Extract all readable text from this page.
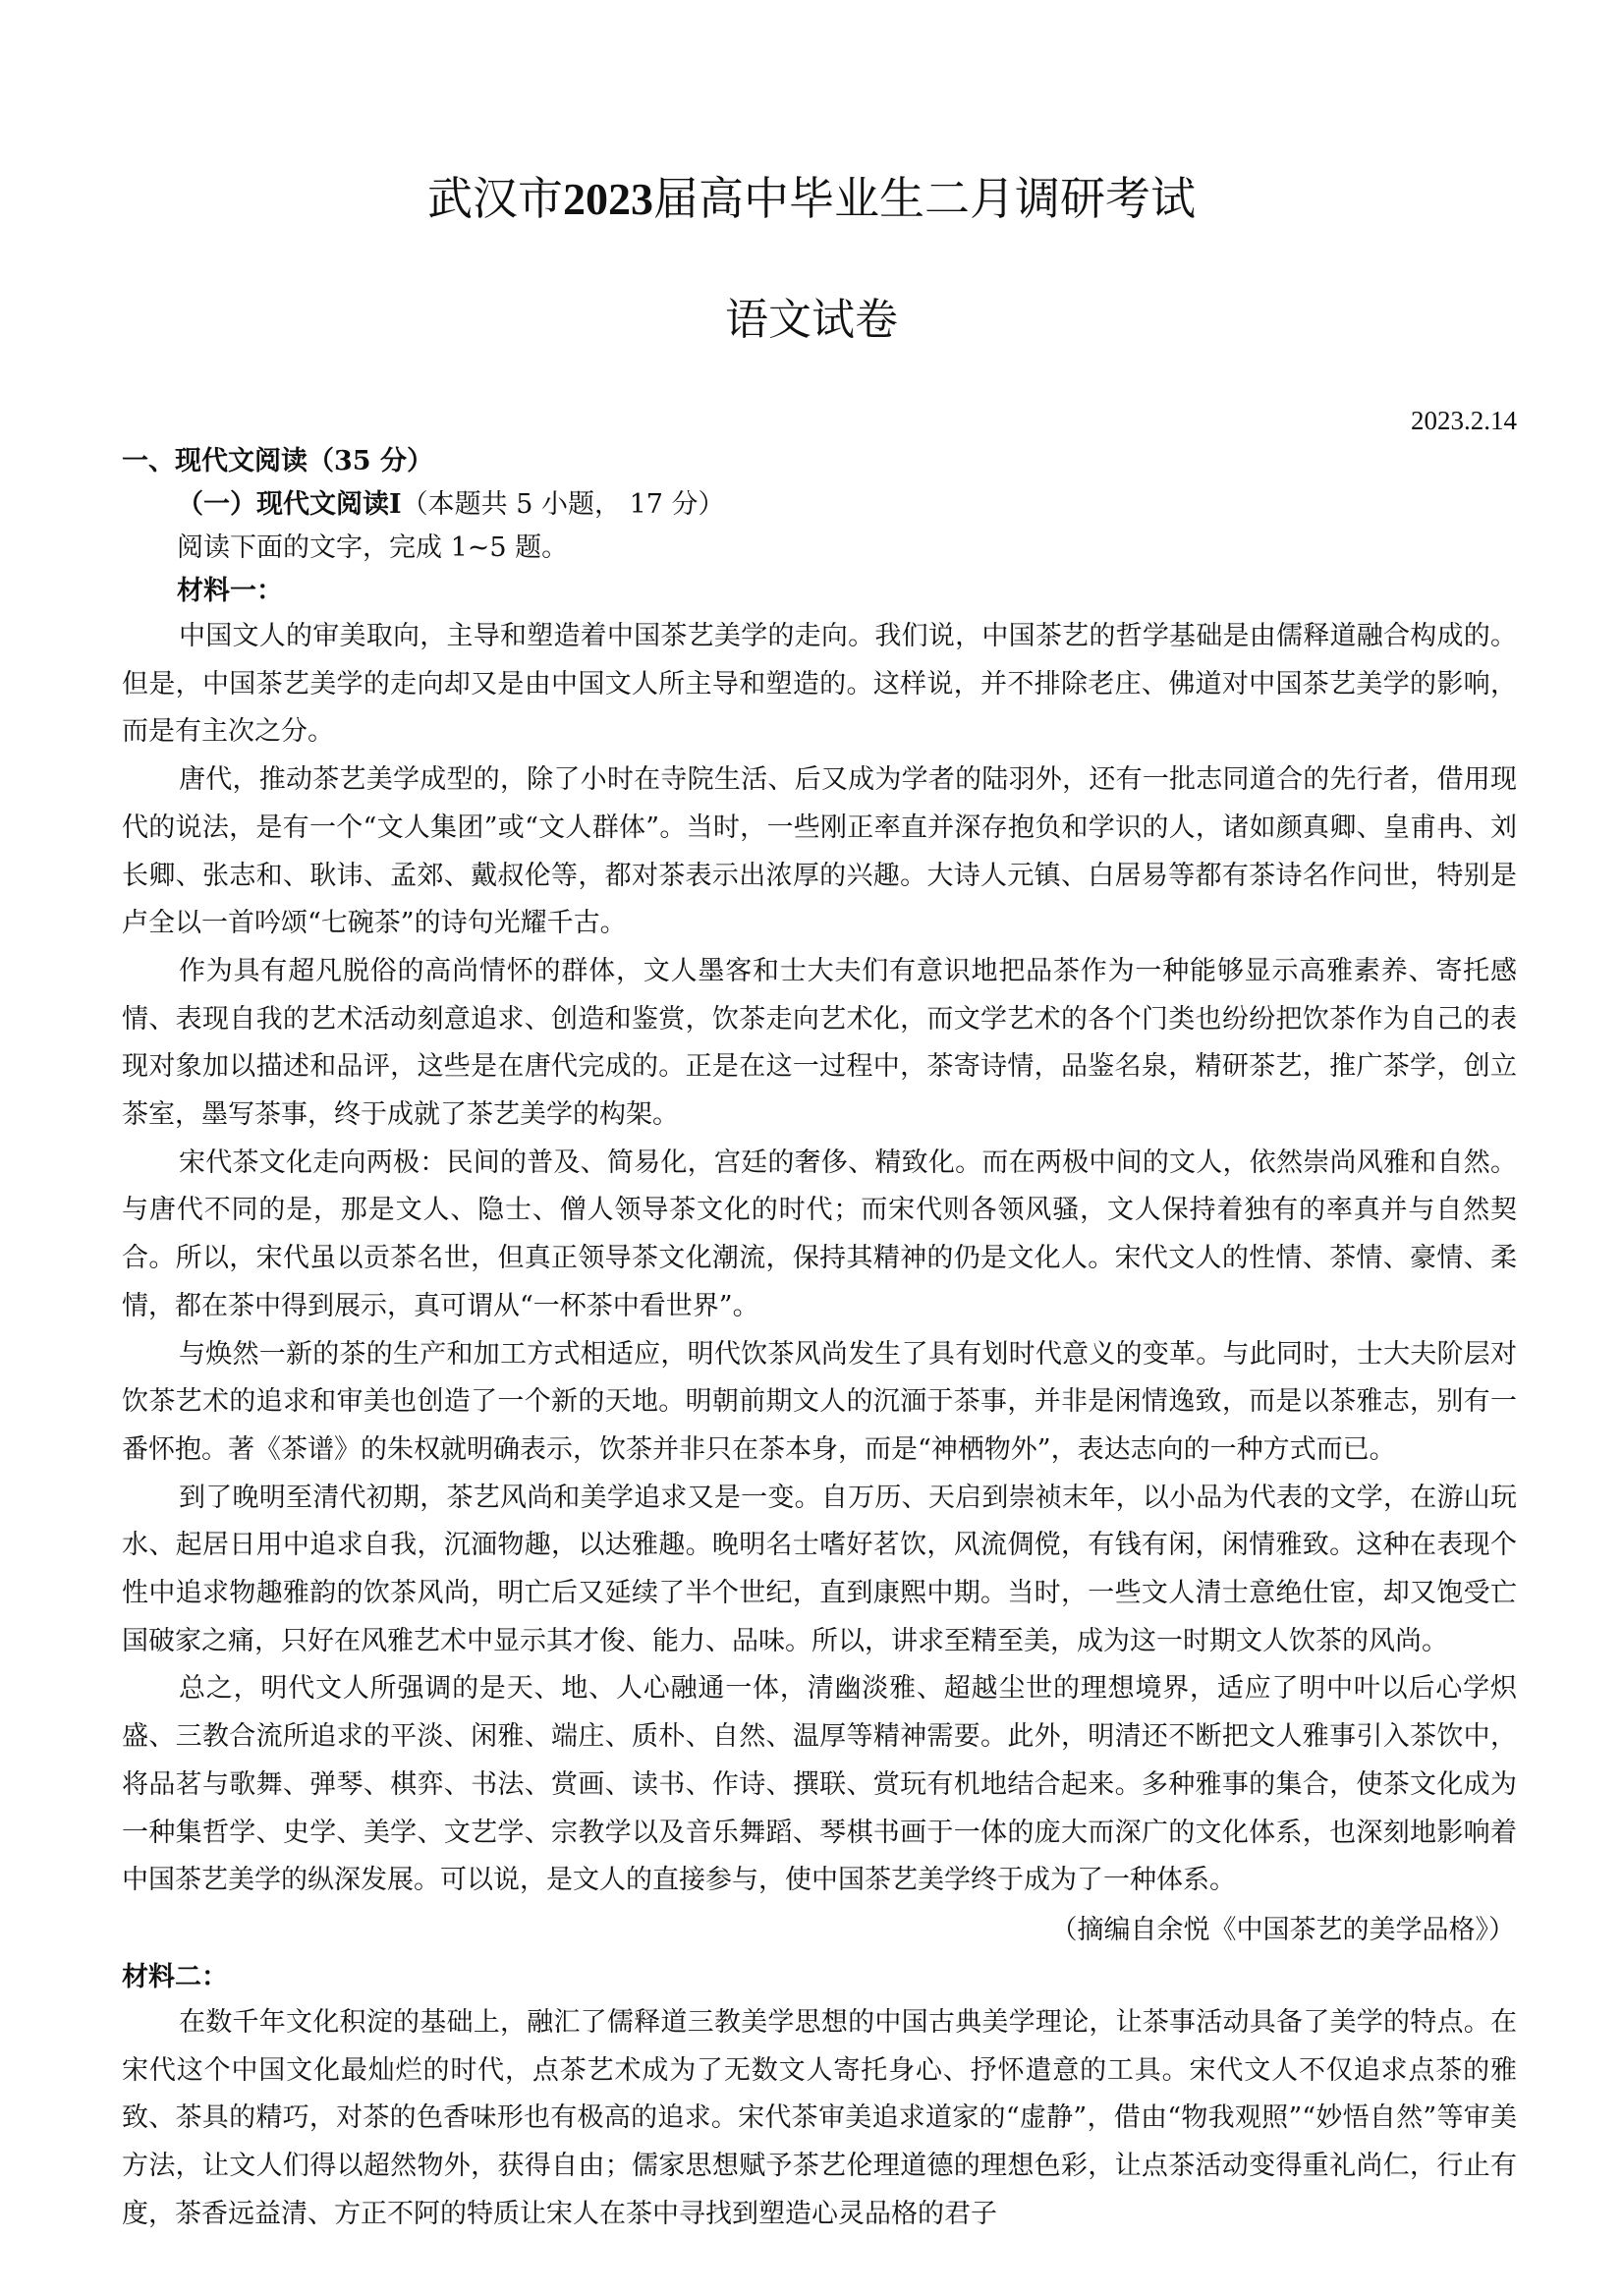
武汉市2023届高中毕业生二月调研考试
语文试卷
2023.2.14

一、现代文阅读（35 分）

（一）现代文阅读Ⅰ（本题共 5 小题， 17 分）

阅读下面的文字，完成 1~5 题。

材料一：

中国文人的审美取向，主导和塑造着中国茶艺美学的走向。我们说，中国茶艺的哲学基础是由儒释道融合构成的。但是，中国茶艺美学的走向却又是由中国文人所主导和塑造的。这样说，并不排除老庄、佛道对中国茶艺美学的影响，而是有主次之分。

唐代，推动茶艺美学成型的，除了小时在寺院生活、后又成为学者的陆羽外，还有一批志同道合的先行者，借用现代的说法，是有一个“文人集团”或“文人群体”。当时，一些刚正率直并深存抱负和学识的人，诸如颜真卿、皇甫冉、刘长卿、张志和、耿讳、孟郊、戴叔伦等，都对茶表示出浓厚的兴趣。大诗人元镇、白居易等都有茶诗名作问世，特别是卢全以一首吟颂“七碗茶”的诗句光耀千古。

作为具有超凡脱俗的高尚情怀的群体，文人墨客和士大夫们有意识地把品茶作为一种能够显示高雅素养、寄托感情、表现自我的艺术活动刻意追求、创造和鉴赏，饮茶走向艺术化，而文学艺术的各个门类也纷纷把饮茶作为自己的表现对象加以描述和品评，这些是在唐代完成的。正是在这一过程中，茶寄诗情，品鉴名泉，精研茶艺，推广茶学，创立茶室，墨写茶事，终于成就了茶艺美学的构架。

宋代茶文化走向两极：民间的普及、简易化，宫廷的奢侈、精致化。而在两极中间的文人，依然崇尚风雅和自然。与唐代不同的是，那是文人、隐士、僧人领导茶文化的时代；而宋代则各领风骚，文人保持着独有的率真并与自然契合。所以，宋代虽以贡茶名世，但真正领导茶文化潮流，保持其精神的仍是文化人。宋代文人的性情、茶情、豪情、柔情，都在茶中得到展示，真可谓从“一杯茶中看世界”。

与焕然一新的茶的生产和加工方式相适应，明代饮茶风尚发生了具有划时代意义的变革。与此同时，士大夫阶层对饮茶艺术的追求和审美也创造了一个新的天地。明朝前期文人的沉湎于茶事，并非是闲情逸致，而是以茶雅志，别有一番怀抱。著《茶谱》的朱权就明确表示，饮茶并非只在茶本身，而是“神栖物外”，表达志向的一种方式而已。

到了晚明至清代初期，茶艺风尚和美学追求又是一变。自万历、天启到崇祯末年，以小品为代表的文学，在游山玩水、起居日用中追求自我，沉湎物趣，以达雅趣。晚明名士嗜好茗饮，风流倜傥，有钱有闲，闲情雅致。这种在表现个性中追求物趣雅韵的饮茶风尚，明亡后又延续了半个世纪，直到康熙中期。当时，一些文人清士意绝仕宦，却又饱受亡国破家之痛，只好在风雅艺术中显示其才俊、能力、品味。所以，讲求至精至美，成为这一时期文人饮茶的风尚。

总之，明代文人所强调的是天、地、人心融通一体，清幽淡雅、超越尘世的理想境界，适应了明中叶以后心学炽盛、三教合流所追求的平淡、闲雅、端庄、质朴、自然、温厚等精神需要。此外，明清还不断把文人雅事引入茶饮中，将品茗与歌舞、弹琴、棋弈、书法、赏画、读书、作诗、撰联、赏玩有机地结合起来。多种雅事的集合，使茶文化成为一种集哲学、史学、美学、文艺学、宗教学以及音乐舞蹈、琴棋书画于一体的庞大而深广的文化体系，也深刻地影响着中国茶艺美学的纵深发展。可以说，是文人的直接参与，使中国茶艺美学终于成为了一种体系。

（摘编自余悦《中国茶艺的美学品格》）

材料二：

在数千年文化积淀的基础上，融汇了儒释道三教美学思想的中国古典美学理论，让茶事活动具备了美学的特点。在宋代这个中国文化最灿烂的时代，点茶艺术成为了无数文人寄托身心、抒怀遣意的工具。宋代文人不仅追求点茶的雅致、茶具的精巧，对茶的色香味形也有极高的追求。宋代茶审美追求道家的“虚静”，借由“物我观照”“妙悟自然”等审美方法，让文人们得以超然物外，获得自由；儒家思想赋予茶艺伦理道德的理想色彩，让点茶活动变得重礼尚仁，行止有度，茶香远益清、方正不阿的特质让宋人在茶中寻找到塑造心灵品格的君子
